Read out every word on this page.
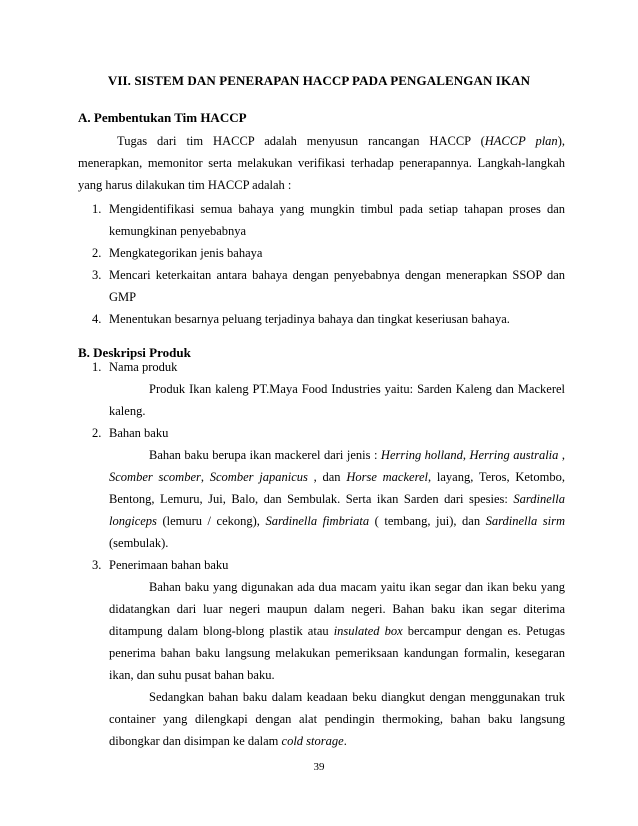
VII. SISTEM DAN PENERAPAN HACCP PADA PENGALENGAN IKAN
A. Pembentukan Tim HACCP
Tugas dari tim HACCP adalah menyusun rancangan HACCP (HACCP plan), menerapkan, memonitor serta melakukan verifikasi terhadap penerapannya. Langkah-langkah yang harus dilakukan tim HACCP adalah :
1. Mengidentifikasi semua bahaya yang mungkin timbul pada setiap tahapan proses dan kemungkinan penyebabnya
2. Mengkategorikan jenis bahaya
3. Mencari keterkaitan antara bahaya dengan penyebabnya dengan menerapkan SSOP dan GMP
4. Menentukan besarnya peluang terjadinya bahaya dan tingkat keseriusan bahaya.
B. Deskripsi Produk
1. Nama produk
Produk Ikan kaleng PT.Maya Food Industries yaitu: Sarden Kaleng dan Mackerel kaleng.
2. Bahan baku
Bahan baku berupa ikan mackerel dari jenis : Herring holland, Herring australia , Scomber scomber, Scomber japanicus , dan Horse mackerel, layang, Teros, Ketombo, Bentong, Lemuru, Jui, Balo, dan Sembulak. Serta ikan Sarden dari spesies: Sardinella longiceps (lemuru / cekong), Sardinella fimbriata ( tembang, jui), dan Sardinella sirm (sembulak).
3. Penerimaan bahan baku
Bahan baku yang digunakan ada dua macam yaitu ikan segar dan ikan beku yang didatangkan dari luar negeri maupun dalam negeri. Bahan baku ikan segar diterima ditampung dalam blong-blong plastik atau insulated box bercampur dengan es. Petugas penerima bahan baku langsung melakukan pemeriksaan kandungan formalin, kesegaran ikan, dan suhu pusat bahan baku.
Sedangkan bahan baku dalam keadaan beku diangkut dengan menggunakan truk container yang dilengkapi dengan alat pendingin thermoking, bahan baku langsung dibongkar dan disimpan ke dalam cold storage.
39
